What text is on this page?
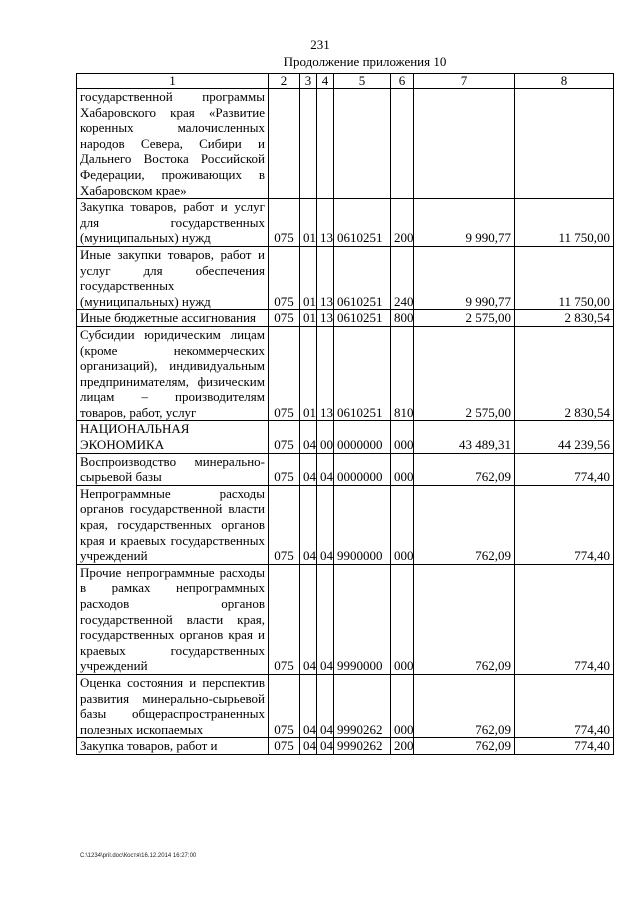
231
Продолжение приложения 10
1	2	3	4	5	6	7	8
государственной программы Хабаровского края «Развитие коренных малочисленных народов Севера, Сибири и Дальнего Востока Российской Федерации, проживающих в Хабаровском крае»							
Закупка товаров, работ и услуг для государственных (муниципальных) нужд	075	01	13	0610251	200	9 990,77	11 750,00
Иные закупки товаров, работ и услуг для обеспечения государственных (муниципальных) нужд	075	01	13	0610251	240	9 990,77	11 750,00
Иные бюджетные ассигнования	075	01	13	0610251	800	2 575,00	2 830,54
Субсидии юридическим лицам (кроме некоммерческих организаций), индивидуальным предпринимателям, физическим лицам – производителям товаров, работ, услуг	075	01	13	0610251	810	2 575,00	2 830,54
НАЦИОНАЛЬНАЯ ЭКОНОМИКА	075	04	00	0000000	000	43 489,31	44 239,56
Воспроизводство минерально-сырьевой базы	075	04	04	0000000	000	762,09	774,40
Непрограммные расходы органов государственной власти края, государственных органов края и краевых государственных учреждений	075	04	04	9900000	000	762,09	774,40
Прочие непрограммные расходы в рамках непрограммных расходов органов государственной власти края, государственных органов края и краевых государственных учреждений	075	04	04	9990000	000	762,09	774,40
Оценка состояния и перспектив развития минерально-сырьевой базы общераспространенных полезных ископаемых	075	04	04	9990262	000	762,09	774,40
Закупка товаров, работ и	075	04	04	9990262	200	762,09	774,40
C:\1234\pril.doc\Костя\16.12.2014 16:27:00
